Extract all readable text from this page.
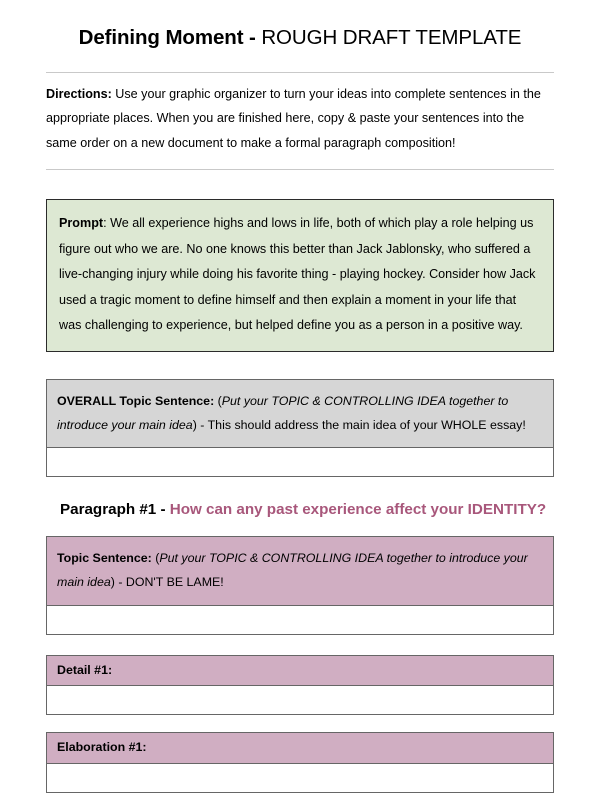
Defining Moment - ROUGH DRAFT TEMPLATE
Directions: Use your graphic organizer to turn your ideas into complete sentences in the appropriate places. When you are finished here, copy & paste your sentences into the same order on a new document to make a formal paragraph composition!
Prompt: We all experience highs and lows in life, both of which play a role helping us figure out who we are. No one knows this better than Jack Jablonsky, who suffered a live-changing injury while doing his favorite thing - playing hockey. Consider how Jack used a tragic moment to define himself and then explain a moment in your life that was challenging to experience, but helped define you as a person in a positive way.
OVERALL Topic Sentence: (Put your TOPIC & CONTROLLING IDEA together to introduce your main idea) - This should address the main idea of your WHOLE essay!
Paragraph #1 - How can any past experience affect your IDENTITY?
Topic Sentence: (Put your TOPIC & CONTROLLING IDEA together to introduce your main idea) - DON'T BE LAME!
Detail #1:
Elaboration #1:
